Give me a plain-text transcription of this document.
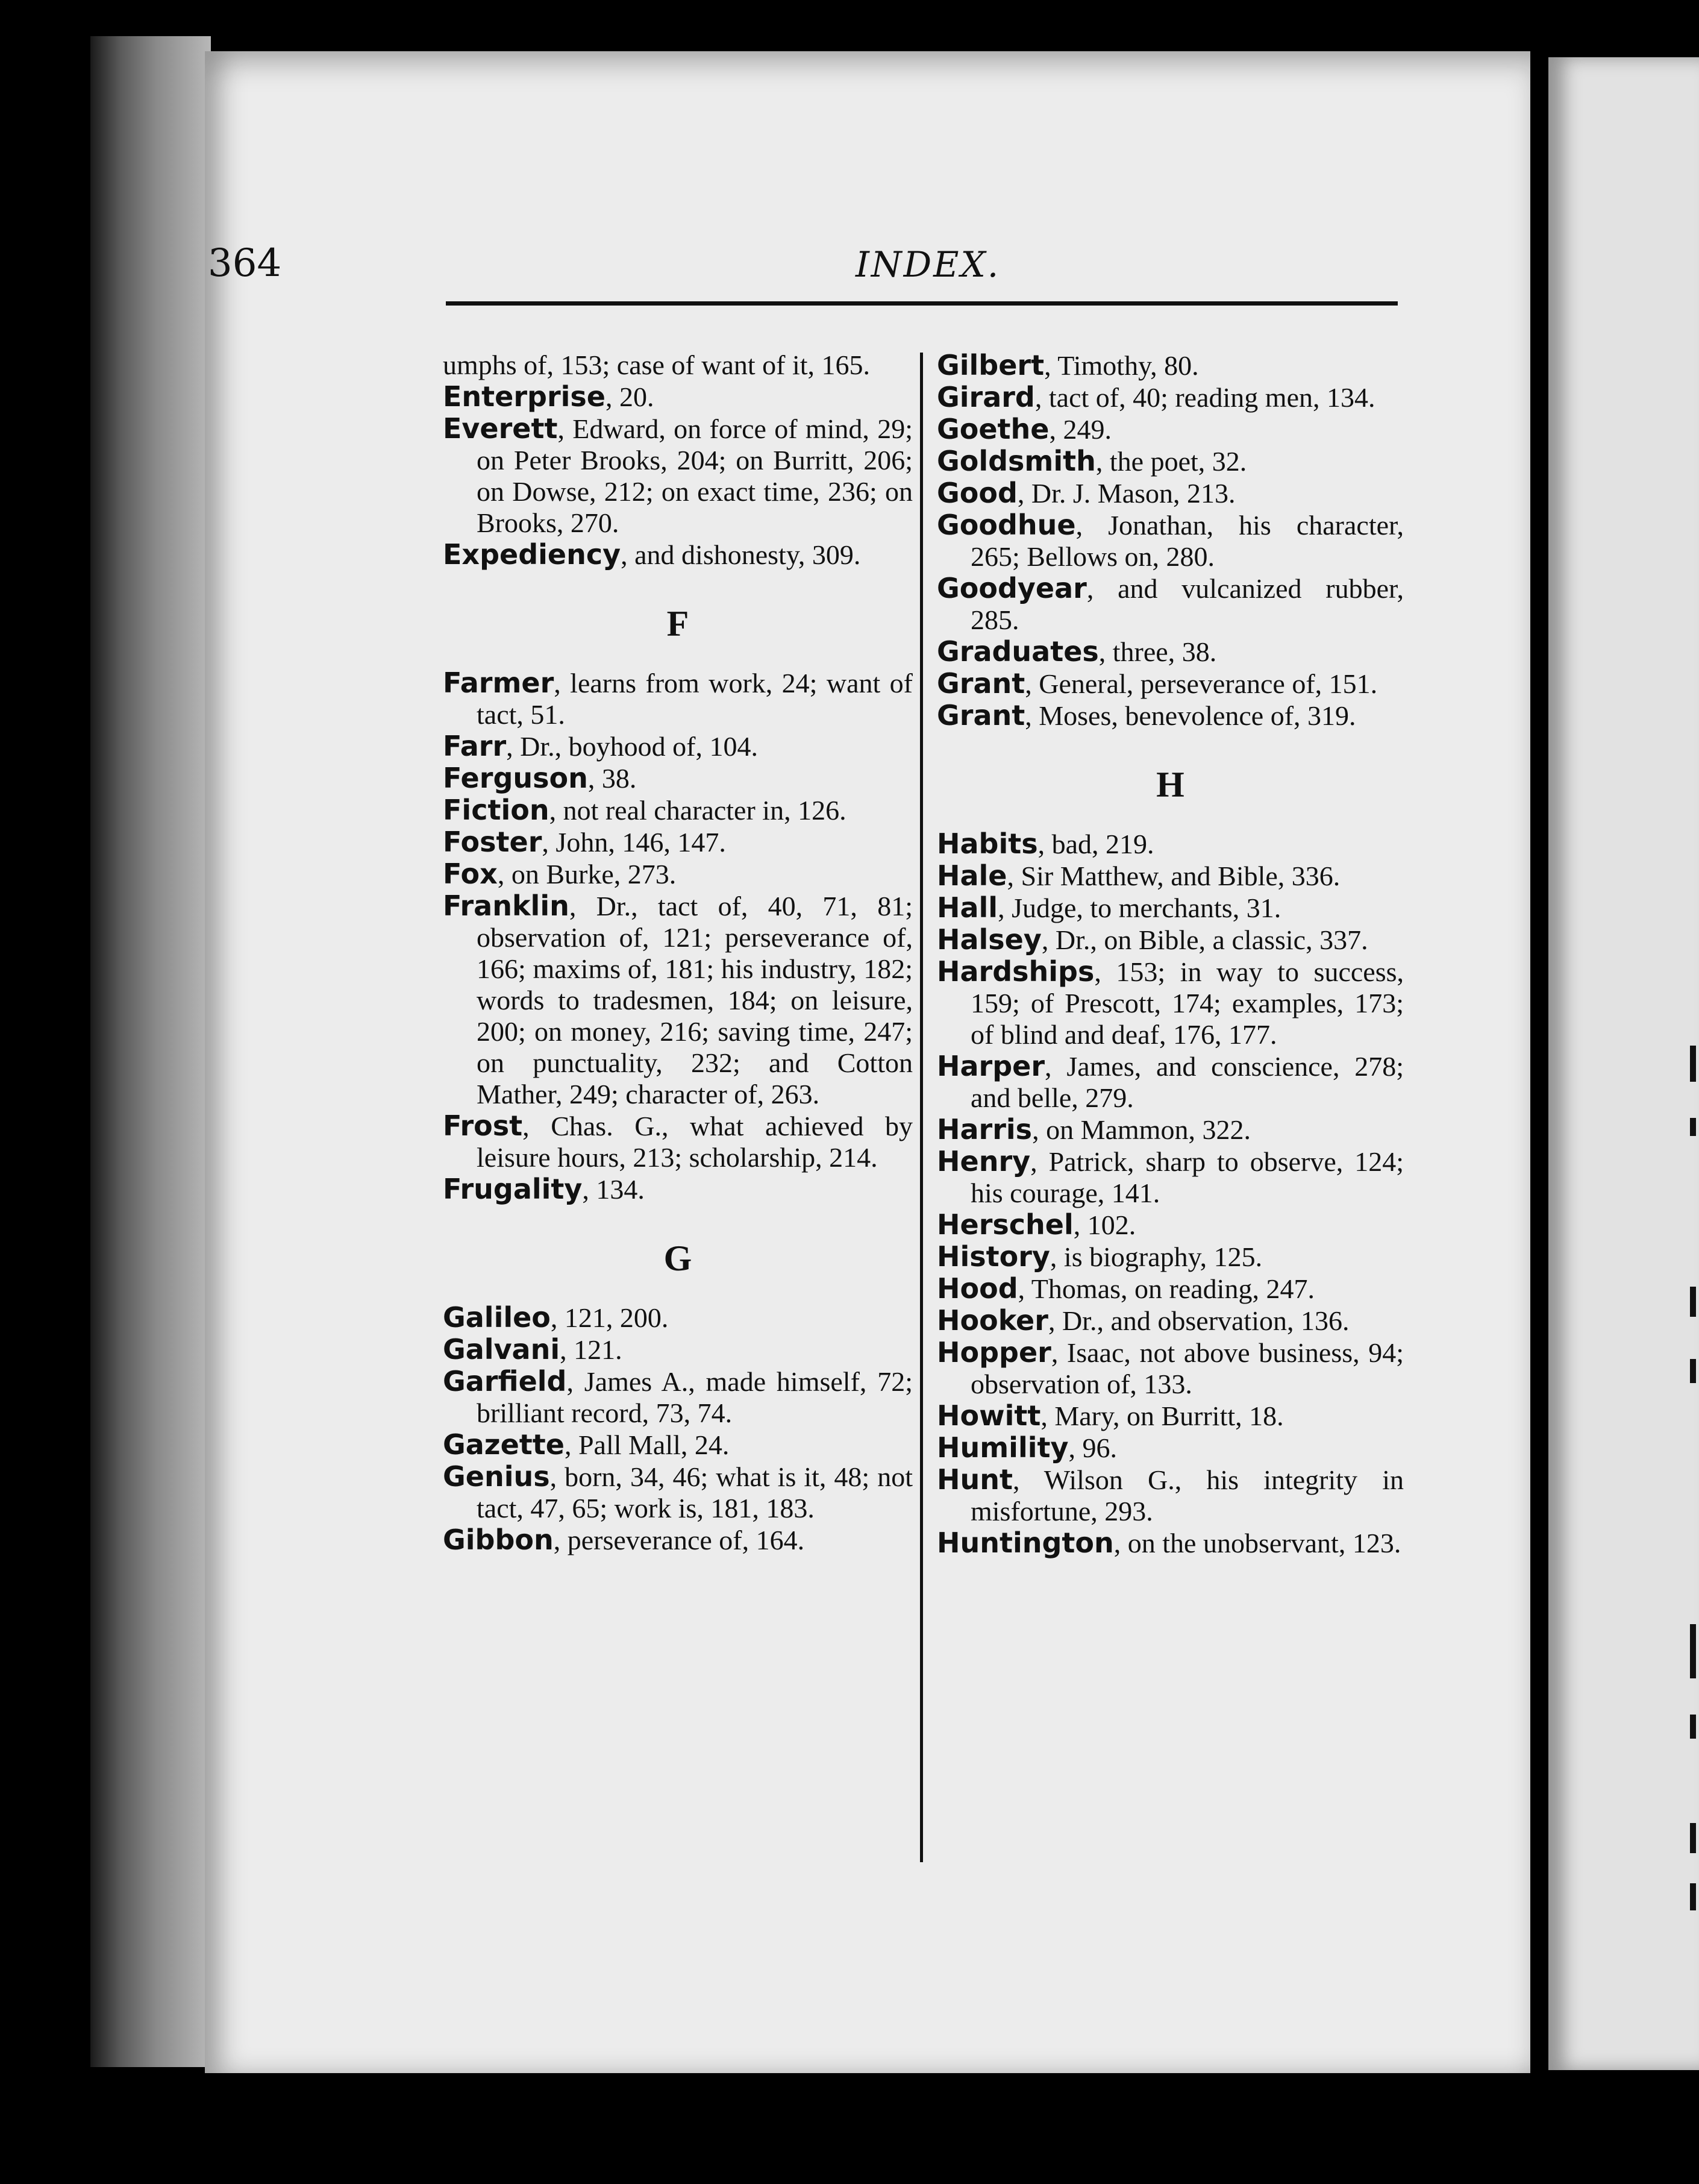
364	INDEX.

umphs of, 153; case of want of it, 165.

Enterprise, 20.

Everett, Edward, on force of mind, 29; on Peter Brooks, 204; on Burritt, 206; on Dowse, 212; on exact time, 236; on Brooks, 270.

Expediency, and dishonesty, 309.

F

Farmer, learns from work, 24; want of tact, 51.

Farr, Dr., boyhood of, 104.

Ferguson, 38.

Fiction, not real character in, 126.

Foster, John, 146, 147.

Fox, on Burke, 273.

Franklin, Dr., tact of, 40, 71, 81; observation of, 121; perseverance of, 166; maxims of, 181; his industry, 182; words to tradesmen, 184; on leisure, 200; on money, 216; saving time, 247; on punctuality, 232; and Cotton Mather, 249; character of, 263.

Frost, Chas. G., what achieved by leisure hours, 213; scholarship, 214.

Frugality, 134.

G

Galileo, 121, 200.

Galvani, 121.

Garfield, James A., made himself, 72; brilliant record, 73, 74.

Gazette, Pall Mall, 24.

Genius, born, 34, 46; what is it, 48; not tact, 47, 65; work is, 181, 183.

Gibbon, perseverance of, 164.

Gilbert, Timothy, 80.

Girard, tact of, 40; reading men, 134.

Goethe, 249.

Goldsmith, the poet, 32.

Good, Dr. J. Mason, 213.

Goodhue, Jonathan, his character, 265; Bellows on, 280.

Goodyear, and vulcanized rubber, 285.

Graduates, three, 38.

Grant, General, perseverance of, 151.

Grant, Moses, benevolence of, 319.

H

Habits, bad, 219.

Hale, Sir Matthew, and Bible, 336.

Hall, Judge, to merchants, 31.

Halsey, Dr., on Bible, a classic, 337.

Hardships, 153; in way to success, 159; of Prescott, 174; examples, 173; of blind and deaf, 176, 177.

Harper, James, and conscience, 278; and belle, 279.

Harris, on Mammon, 322.

Henry, Patrick, sharp to observe, 124; his courage, 141.

Herschel, 102.

History, is biography, 125.

Hood, Thomas, on reading, 247.

Hooker, Dr., and observation, 136.

Hopper, Isaac, not above business, 94; observation of, 133.

Howitt, Mary, on Burritt, 18.

Humility, 96.

Hunt, Wilson G., his integrity in misfortune, 293.

Huntington, on the unobservant, 123.
